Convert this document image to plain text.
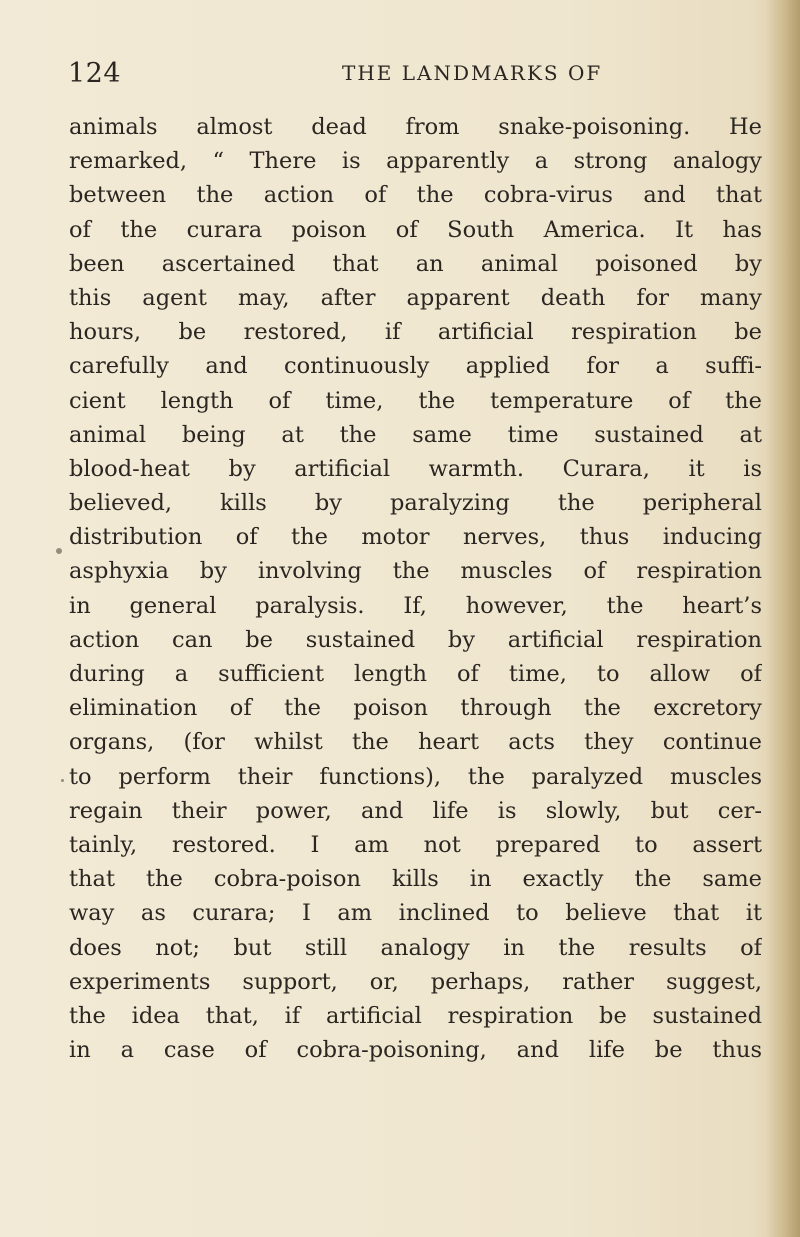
124	THE LANDMARKS OF
animals almost dead from snake-poisoning. He
remarked, “ There is apparently a strong analogy
between the action of the cobra-virus and that
of the curara poison of South America. It has
been ascertained that an animal poisoned by
this agent may, after apparent death for many
hours, be restored, if artificial respiration be
carefully and continuously applied for a suffi-
cient length of time, the temperature of the
animal being at the same time sustained at
blood-heat by artificial warmth. Curara, it is
believed, kills by paralyzing the peripheral
distribution of the motor nerves, thus inducing
asphyxia by involving the muscles of respiration
in general paralysis. If, however, the heart’s
action can be sustained by artificial respiration
during a sufficient length of time, to allow of
elimination of the poison through the excretory
organs, (for whilst the heart acts they continue
to perform their functions), the paralyzed muscles
regain their power, and life is slowly, but cer-
tainly, restored. I am not prepared to assert
that the cobra-poison kills in exactly the same
way as curara; I am inclined to believe that it
does not; but still analogy in the results of
experiments support, or, perhaps, rather suggest,
the idea that, if artificial respiration be sustained
in a case of cobra-poisoning, and life be thus
